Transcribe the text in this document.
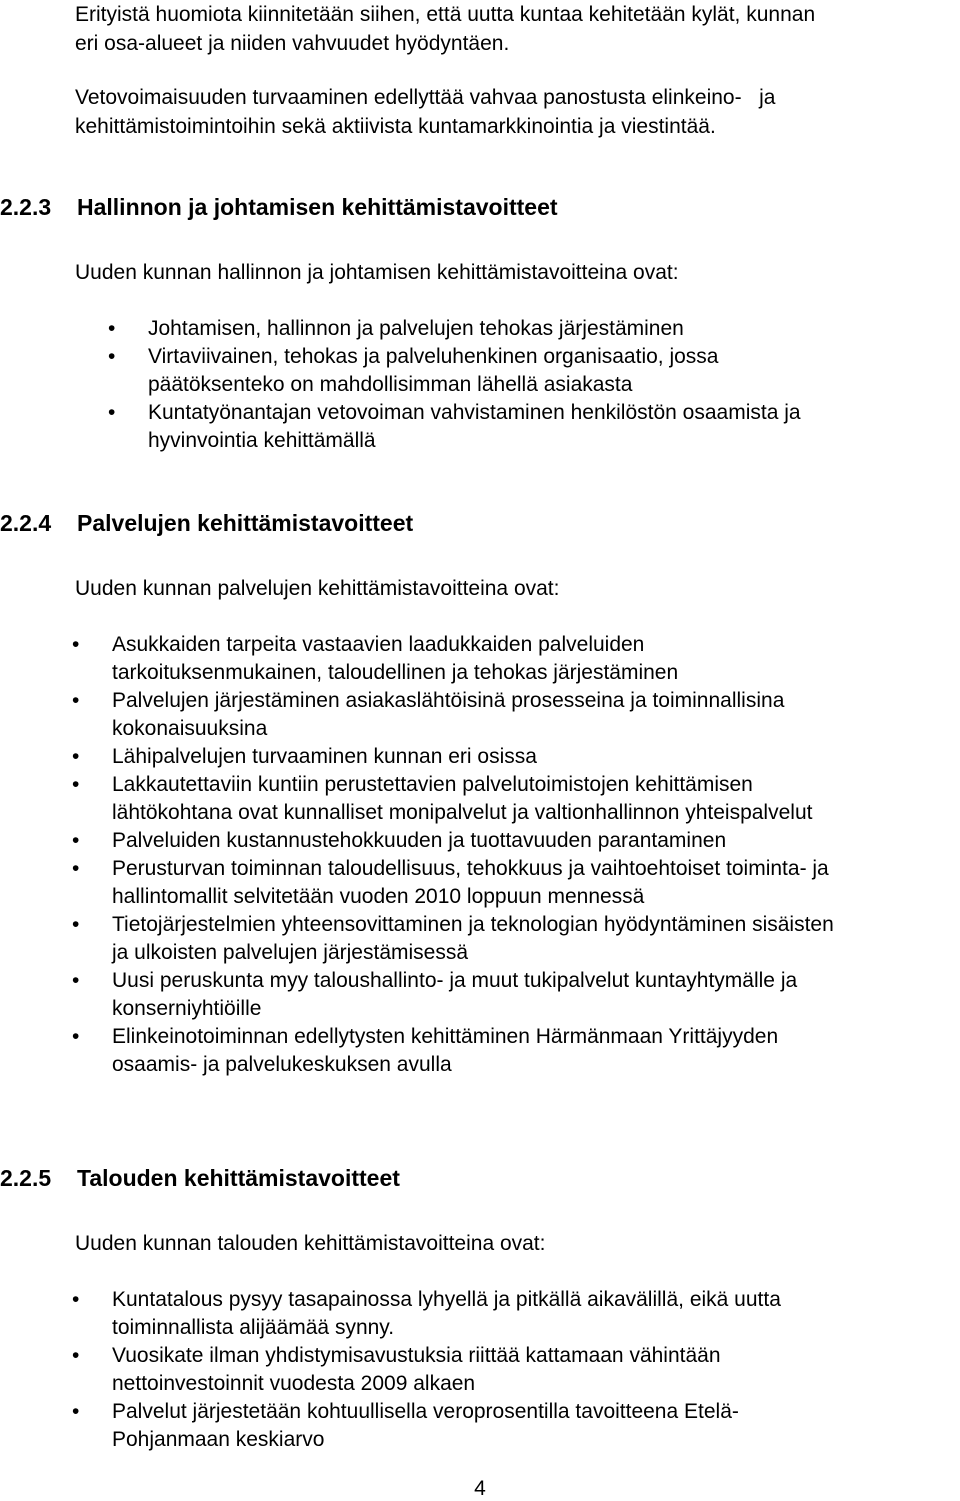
Erityistä huomiota kiinnitetään siihen, että uutta kuntaa kehitetään kylät, kunnan
eri osa-alueet ja niiden vahvuudet hyödyntäen.
Vetovoimaisuuden turvaaminen edellyttää vahvaa panostusta elinkeino-   ja
kehittämistoimintoihin sekä aktiivista kuntamarkkinointia ja viestintää.
2.2.3 Hallinnon ja johtamisen kehittämistavoitteet
Uuden kunnan hallinnon ja johtamisen kehittämistavoitteina ovat:
• Johtamisen, hallinnon ja palvelujen tehokas järjestäminen
• Virtaviivainen, tehokas ja palveluhenkinen organisaatio, jossa
päätöksenteko on mahdollisimman lähellä asiakasta
• Kuntatyönantajan vetovoiman vahvistaminen henkilöstön osaamista ja
hyvinvointia kehittämällä
2.2.4 Palvelujen kehittämistavoitteet
Uuden kunnan palvelujen kehittämistavoitteina ovat:
• Asukkaiden tarpeita vastaavien laadukkaiden palveluiden
tarkoituksenmukainen, taloudellinen ja tehokas järjestäminen
• Palvelujen järjestäminen asiakaslähtöisinä prosesseina ja toiminnallisina
kokonaisuuksina
• Lähipalvelujen turvaaminen kunnan eri osissa
• Lakkautettaviin kuntiin perustettavien palvelutoimistojen kehittämisen
lähtökohtana ovat kunnalliset monipalvelut ja valtionhallinnon yhteispalvelut
• Palveluiden kustannustehokkuuden ja tuottavuuden parantaminen
• Perusturvan toiminnan taloudellisuus, tehokkuus ja vaihtoehtoiset toiminta- ja
hallintomallit selvitetään vuoden 2010 loppuun mennessä
• Tietojärjestelmien yhteensovittaminen ja teknologian hyödyntäminen sisäisten
ja ulkoisten palvelujen järjestämisessä
• Uusi peruskunta myy taloushallinto- ja muut tukipalvelut kuntayhtymälle ja
konserniyhtiöille
• Elinkeinotoiminnan edellytysten kehittäminen Härmänmaan Yrittäjyyden
osaamis- ja palvelukeskuksen avulla
2.2.5 Talouden kehittämistavoitteet
Uuden kunnan talouden kehittämistavoitteina ovat:
• Kuntatalous pysyy tasapainossa lyhyellä ja pitkällä aikavälillä, eikä uutta
toiminnallista alijäämää synny.
• Vuosikate ilman yhdistymisavustuksia riittää kattamaan vähintään
nettoinvestoinnit vuodesta 2009 alkaen
• Palvelut järjestetään kohtuullisella veroprosentilla tavoitteena Etelä-
Pohjanmaan keskiarvo
4
